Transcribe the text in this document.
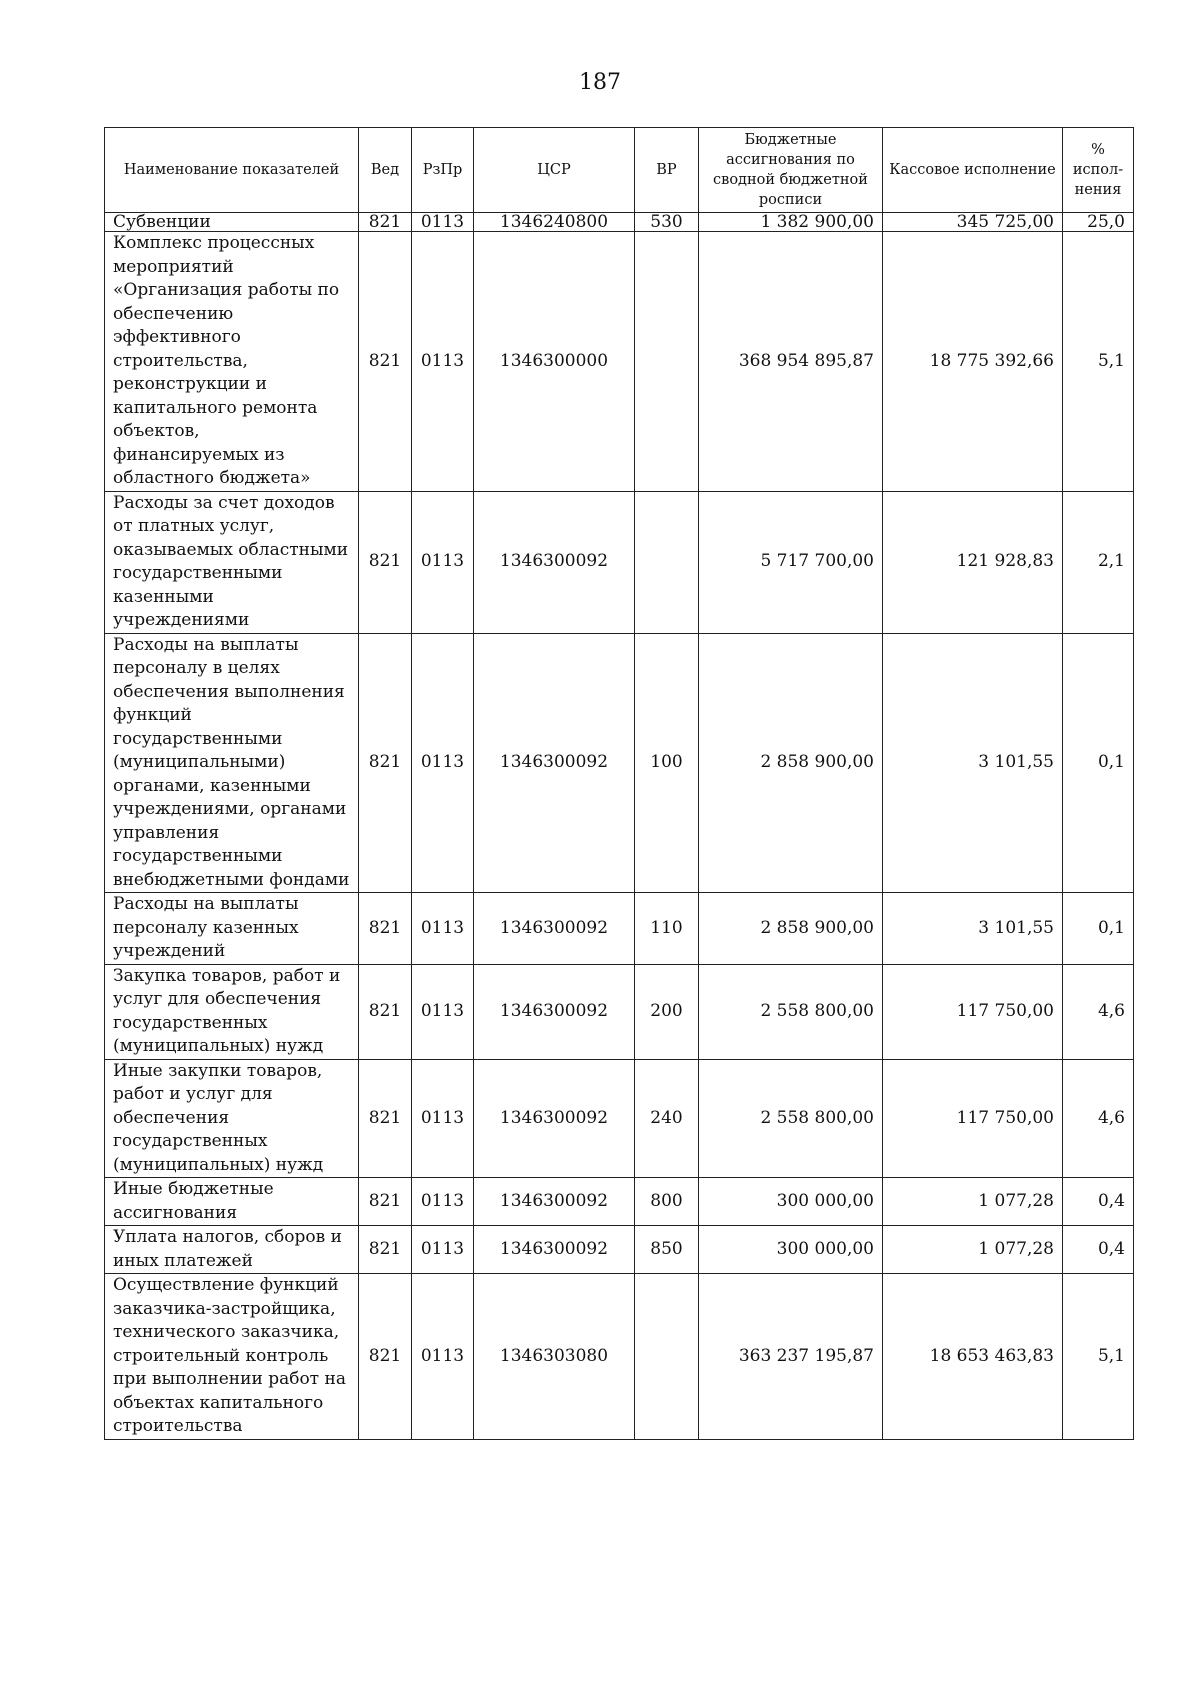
187
Наименование показателей	Вед	РзПр	ЦСР	ВР	Бюджетные ассигнования по сводной бюджетной росписи	Кассовое исполнение	% испол-нения
Субвенции	821	0113	1346240800	530	1 382 900,00	345 725,00	25,0
Комплекс процессных мероприятий «Организация работы по обеспечению эффективного строительства, реконструкции и капитального ремонта объектов, финансируемых из областного бюджета»	821	0113	1346300000		368 954 895,87	18 775 392,66	5,1
Расходы за счет доходов от платных услуг, оказываемых областными государственными казенными учреждениями	821	0113	1346300092		5 717 700,00	121 928,83	2,1
Расходы на выплаты персоналу в целях обеспечения выполнения функций государственными (муниципальными) органами, казенными учреждениями, органами управления государственными внебюджетными фондами	821	0113	1346300092	100	2 858 900,00	3 101,55	0,1
Расходы на выплаты персоналу казенных учреждений	821	0113	1346300092	110	2 858 900,00	3 101,55	0,1
Закупка товаров, работ и услуг для обеспечения государственных (муниципальных) нужд	821	0113	1346300092	200	2 558 800,00	117 750,00	4,6
Иные закупки товаров, работ и услуг для обеспечения государственных (муниципальных) нужд	821	0113	1346300092	240	2 558 800,00	117 750,00	4,6
Иные бюджетные ассигнования	821	0113	1346300092	800	300 000,00	1 077,28	0,4
Уплата налогов, сборов и иных платежей	821	0113	1346300092	850	300 000,00	1 077,28	0,4
Осуществление функций заказчика-застройщика, технического заказчика, строительный контроль при выполнении работ на объектах капитального строительства	821	0113	1346303080		363 237 195,87	18 653 463,83	5,1
